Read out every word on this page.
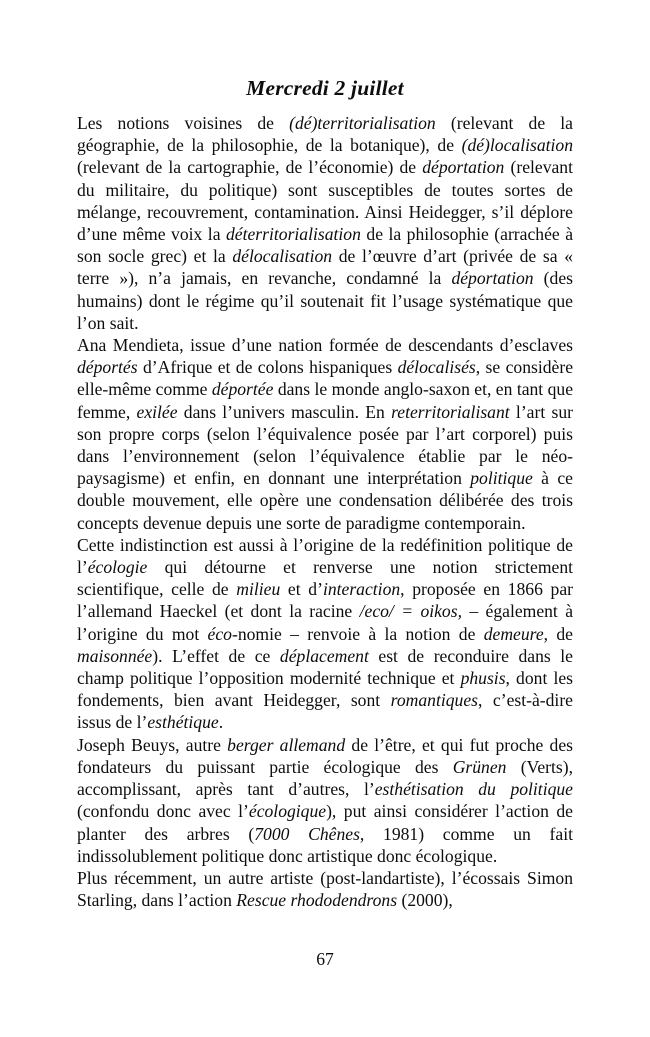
Mercredi 2 juillet

Les notions voisines de (dé)territorialisation (relevant de la géographie, de la philosophie, de la botanique), de (dé)localisation (relevant de la cartographie, de l’économie) de déportation (relevant du militaire, du politique) sont susceptibles de toutes sortes de mélange, recouvrement, contamination. Ainsi Heidegger, s’il déplore d’une même voix la déterritorialisation de la philosophie (arrachée à son socle grec) et la délocalisation de l’œuvre d’art (privée de sa « terre »), n’a jamais, en revanche, condamné la déportation (des humains) dont le régime qu’il soutenait fit l’usage systématique que l’on sait.

Ana Mendieta, issue d’une nation formée de descendants d’esclaves déportés d’Afrique et de colons hispaniques délocalisés, se considère elle-même comme déportée dans le monde anglo-saxon et, en tant que femme, exilée dans l’univers masculin. En reterritorialisant l’art sur son propre corps (selon l’équivalence posée par l’art corporel) puis dans l’environnement (selon l’équivalence établie par le néo-paysagisme) et enfin, en donnant une interprétation politique à ce double mouvement, elle opère une condensation délibérée des trois concepts devenue depuis une sorte de paradigme contemporain.

Cette indistinction est aussi à l’origine de la redéfinition politique de l’écologie qui détourne et renverse une notion strictement scientifique, celle de milieu et d’interaction, proposée en 1866 par l’allemand Haeckel (et dont la racine /eco/ = oikos, – également à l’origine du mot éco-nomie – renvoie à la notion de demeure, de maisonnée). L’effet de ce déplacement est de reconduire dans le champ politique l’opposition modernité technique et phusis, dont les fondements, bien avant Heidegger, sont romantiques, c’est-à-dire issus de l’esthétique.

Joseph Beuys, autre berger allemand de l’être, et qui fut proche des fondateurs du puissant partie écologique des Grünen (Verts), accomplissant, après tant d’autres, l’esthétisation du politique (confondu donc avec l’écologique), put ainsi considérer l’action de planter des arbres (7000 Chênes, 1981) comme un fait indissolublement politique donc artistique donc écologique.

Plus récemment, un autre artiste (post-landartiste), l’écossais Simon Starling, dans l’action Rescue rhododendrons (2000),

67
